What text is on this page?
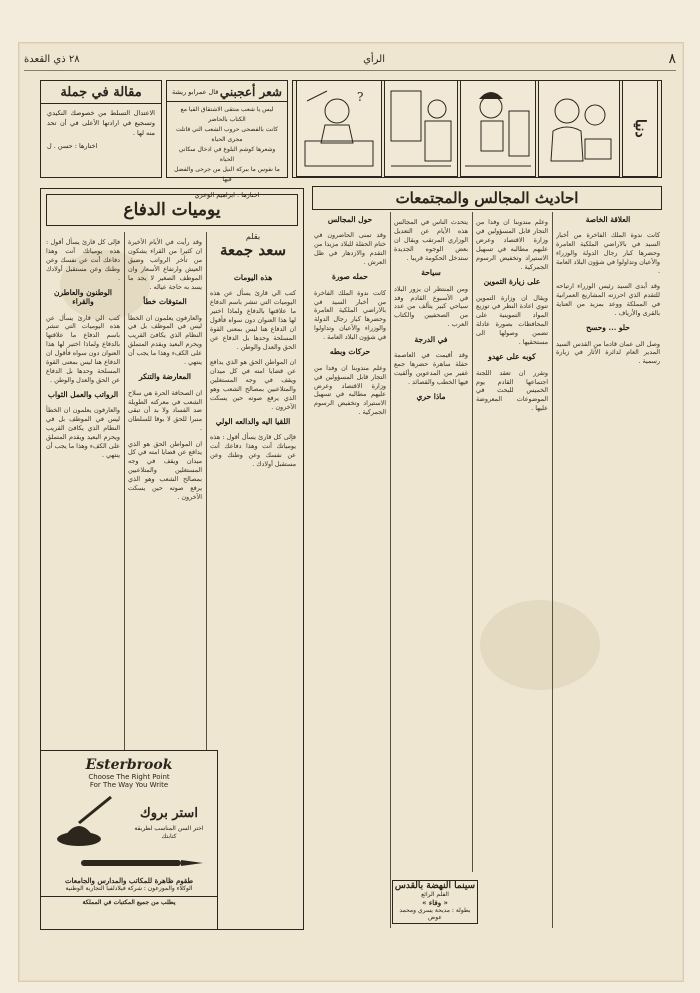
٨
الرأي
٢٨ ذي القعدة
مقالة في جملة
الاعتدال التسلط من خصوصك النكيدي وتسجيع في ارادتها الأعلى في أن تحد منه لها .
اختارها : حسن . ل
شعر أعجبني
قال عمرابو ريشة
ليس يا شعب منتقى الاشتقاق القيا مع الكتاب بالحاضر
كانت بالفصحى حروب الشعب التي قاتلت مجرى الحياة
وشعرها كوشم البلوغ في ادخال سكاني الحياة
ما نفوس ما ببركة النيل من جرحى والفضل فيها
اختارها : ابراهيم الوعري
?
دنيا
احاديث المجالس والمجتمعات
العلاقة الخاصة

كانت ندوة الملك الفاخرة من أخبار السيد في بالاراضي الملكية العامرة وحضرها كبار رجال الدولة والوزراء والأعيان وتداولوا في شؤون البلاد العامة .

وقد أبدى السيد رئيس الوزراء ارتياحه للتقدم الذي احرزته المشاريع العمرانية في المملكة ووعد بمزيد من العناية بالقرى والأرياف .

حلو ... وحسح

وصل الى عمان قادما من القدس السيد المدير العام لدائرة الآثار في زيارة رسمية .

وعلم مندوبنا ان وفدا من التجار قابل المسؤولين في وزارة الاقتصاد وعرض عليهم مطالبه في تسهيل الاستيراد وتخفيض الرسوم الجمركية .

على زيارة التموين

ويقال ان وزارة التموين تنوي اعادة النظر في توزيع المواد التموينية على المحافظات بصورة عادلة تضمن وصولها الى مستحقيها .

كوبه على عهدو

وتقرر ان تعقد اللجنة اجتماعها القادم يوم الخميس للبحث في الموضوعات المعروضة عليها .

يتحدث الناس في المجالس هذه الأيام عن التعديل الوزاري المرتقب ويقال ان بعض الوجوه الجديدة ستدخل الحكومة قريبا .

سياحة

ومن المنتظر ان يزور البلاد في الأسبوع القادم وفد سياحي كبير يتألف من عدد من الصحفيين والكتاب العرب .

في الدرجة

وقد أقيمت في العاصمة حفلة ساهرة حضرها جمع غفير من المدعوين وألقيت فيها الخطب والقصائد .

ماذا حري
حول المجالس

وقد تمنى الحاضرون في ختام الحفلة للبلاد مزيدا من التقدم والازدهار في ظل العرش .

حمله صورة

كانت ندوة الملك الفاخرة من أخبار السيد في بالاراضي الملكية العامرة وحضرها كبار رجال الدولة والوزراء والأعيان وتداولوا في شؤون البلاد العامة .

حركات وبطه

وعلم مندوبنا ان وفدا من التجار قابل المسؤولين في وزارة الاقتصاد وعرض عليهم مطالبه في تسهيل الاستيراد وتخفيض الرسوم الجمركية .

سينما النهضة بالقدس
الفلم الرائع
« وفاء »
بطولة : مديحة يسري ومحمد عوض
يوميات الدفاع
بقلم
سعد جمعة
هذه اليومات

كتب الي قارئ يسأل عن هذه اليوميات التي تنشر باسم الدفاع ما علاقتها بالدفاع ولماذا اختير لها هذا العنوان دون سواه فأقول ان الدفاع هنا ليس بمعنى القوة المسلحة وحدها بل الدفاع عن الحق والعدل والوطن .

ان المواطن الحق هو الذي يدافع عن قضايا امته في كل ميدان ويقف في وجه المستغلين والمتلاعبين بمصالح الشعب وهو الذي يرفع صوته حين يسكت الآخرون .

اللقيا اليه والدالعه الولي

فإلى كل قارئ يسأل أقول : هذه يومياتك أنت وهذا دفاعك أنت عن نفسك وعن وطنك وعن مستقبل أولادك .

وقد رأيت في الأيام الأخيرة ان كثيرا من القراء يشكون من تأخر الرواتب وضيق العيش وارتفاع الأسعار وان الموظف الصغير لا يجد ما يسد به حاجة عياله .

المتوفات خطأ

والعارفون يعلمون ان الخطأ ليس في الموظف بل في النظام الذي يكافئ القريب ويحرم البعيد ويقدم المتملق على الكفء وهذا ما يجب أن ينتهي .

المعارضة والتنكر

ان الصحافة الحرة هي سلاح الشعب في معركته الطويلة ضد الفساد ولا بد أن تبقى منبرا للحق لا بوقا للسلطان .

ان المواطن الحق هو الذي يدافع عن قضايا امته في كل ميدان ويقف في وجه المستغلين والمتلاعبين بمصالح الشعب وهو الذي يرفع صوته حين يسكت الآخرون .

فإلى كل قارئ يسأل أقول : هذه يومياتك أنت وهذا دفاعك أنت عن نفسك وعن وطنك وعن مستقبل أولادك .

الوطنون والعاطرن والقراء

كتب الي قارئ يسأل عن هذه اليوميات التي تنشر باسم الدفاع ما علاقتها بالدفاع ولماذا اختير لها هذا العنوان دون سواه فأقول ان الدفاع هنا ليس بمعنى القوة المسلحة وحدها بل الدفاع عن الحق والعدل والوطن .

الرواتب والعمل الثواب

والعارفون يعلمون ان الخطأ ليس في الموظف بل في النظام الذي يكافئ القريب ويحرم البعيد ويقدم المتملق على الكفء وهذا ما يجب أن ينتهي .

Esterbrook
Choose The Right Point
For The Way You Write
استر بروك
اختر السن المناسب لطريقة كتابتك
طقوم ظاهرة للمكاتب والمدارس والجامعات
الوكلاء والموزعون : شركة فيلادلفيا التجارية الوطنية
يطلب من جميع المكتبات في المملكة
